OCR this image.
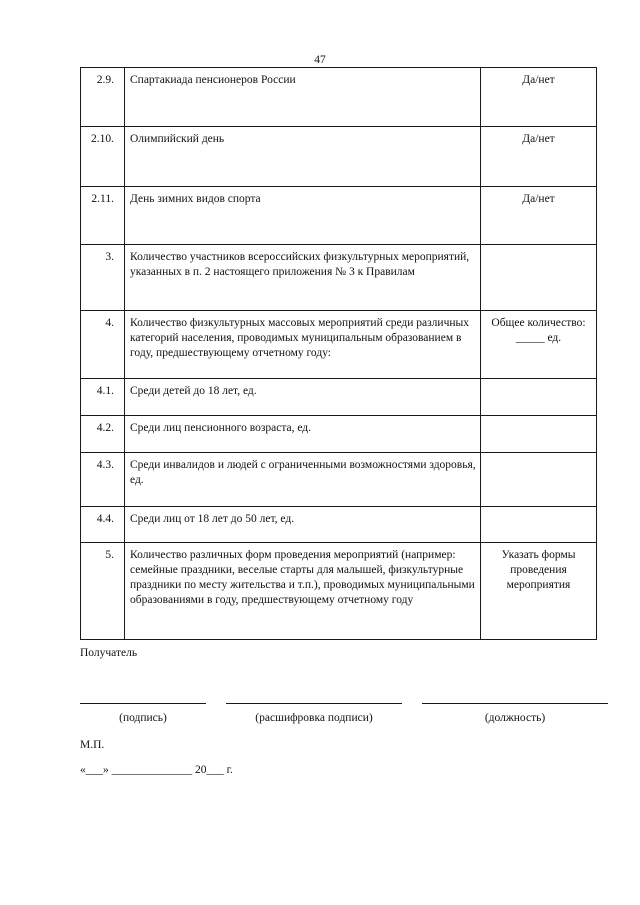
47
2.9.	Спартакиада пенсионеров России	Да/нет
2.10.	Олимпийский день	Да/нет
2.11.	День зимних видов спорта	Да/нет
3.	Количество участников всероссийских физкультурных мероприятий, указанных в п. 2 настоящего приложения № 3 к Правилам	
4.	Количество физкультурных массовых мероприятий среди различных категорий населения, проводимых муниципальным образованием в году, предшествующему отчетному году:	Общее количество: _____ ед.
4.1.	Среди детей до 18 лет, ед.	
4.2.	Среди лиц пенсионного возраста, ед.	
4.3.	Среди инвалидов и людей с ограниченными возможностями здоровья, ед.	
4.4.	Среди лиц от 18 лет до 50 лет, ед.	
5.	Количество различных форм проведения мероприятий (например: семейные праздники, веселые старты для малышей, физкультурные праздники по месту жительства и т.п.), проводимых муниципальными образованиями в году, предшествующему отчетному году	Указать формы проведения мероприятия
Получатель
(подпись)	(расшифровка подписи)	(должность)
М.П.
«___» ______________ 20___ г.
